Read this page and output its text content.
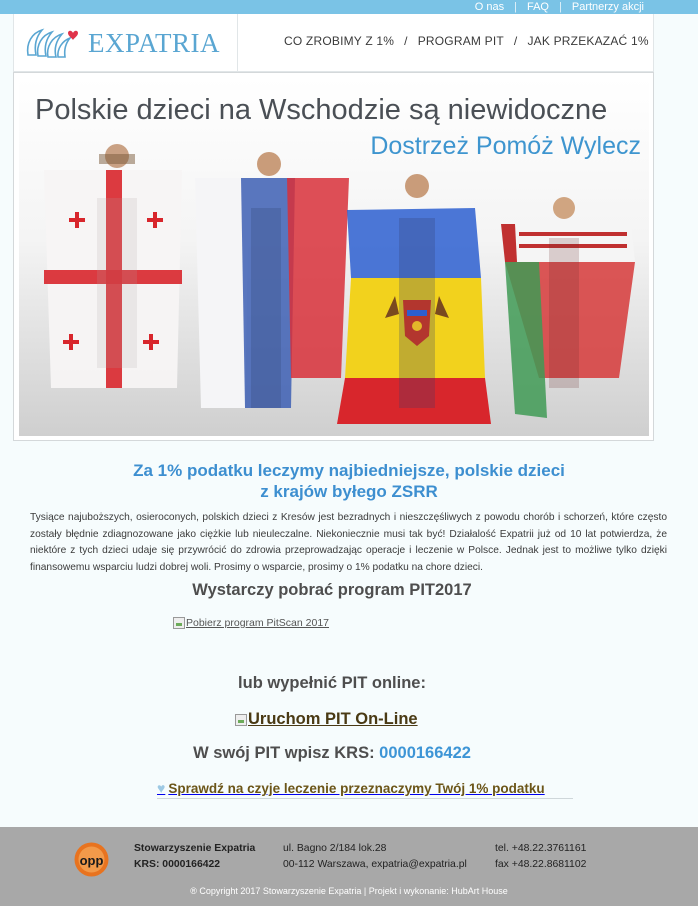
O nas | FAQ | Partnerzy akcji
EXPATRIA	CO ZROBIMY Z 1% / PROGRAM PIT / JAK PRZEKAZAĆ 1%
Polskie dzieci na Wschodzie są niewidoczne
Dostrzeż Pomóż Wylecz
Za 1% podatku leczymy najbiedniejsze, polskie dzieci
z krajów byłego ZSRR
Tysiące najuboższych, osieroconych, polskich dzieci z Kresów jest bezradnych i nieszczęśliwych z powodu chorób i schorzeń, które często zostały błędnie zdiagnozowane jako ciężkie lub nieuleczalne. Niekoniecznie musi tak być! Działalość Expatrii już od 10 lat potwierdza, że niektóre z tych dzieci udaje się przywrócić do zdrowia przeprowadzając operacje i leczenie w Polsce. Jednak jest to możliwe tylko dzięki finansowemu wsparciu ludzi dobrej woli. Prosimy o wsparcie, prosimy o 1% podatku na chore dzieci.
Wystarczy pobrać program PIT2017
Pobierz program PitScan 2017
lub wypełnić PIT online:
Uruchom PIT On-Line
W swój PIT wpisz KRS: 0000166422
♥ Sprawdź na czyje leczenie przeznaczymy Twój 1% podatku
opp
Stowarzyszenie Expatria
KRS: 0000166422
ul. Bagno 2/184 lok.28
00-112 Warszawa, expatria@expatria.pl
tel. +48.22.3761161
fax +48.22.8681102
® Copyright 2017 Stowarzyszenie Expatria | Projekt i wykonanie: HubArt House
